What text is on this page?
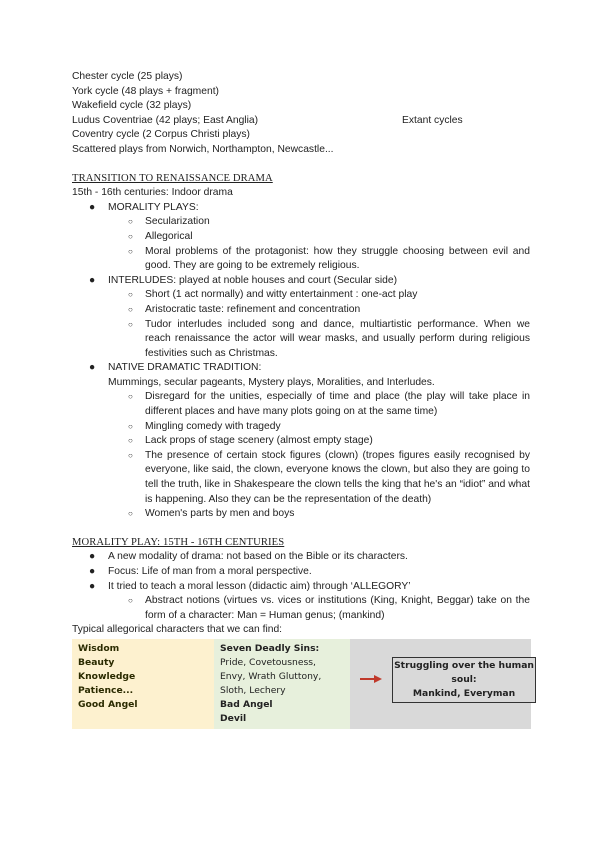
Chester cycle (25 plays)
York cycle (48 plays + fragment)
Wakefield cycle (32 plays)
Ludus Coventriae (42 plays; East Anglia)
Coventry cycle (2 Corpus Christi plays)
Scattered plays from Norwich, Northampton, Newcastle...
Extant cycles
TRANSITION TO RENAISSANCE DRAMA
15th - 16th centuries: Indoor drama
● MORALITY PLAYS:
○ Secularization
○ Allegorical
○ Moral problems of the protagonist: how they struggle choosing between evil and good. They are going to be extremely religious.
● INTERLUDES: played at noble houses and court (Secular side)
○ Short (1 act normally) and witty entertainment : one-act play
○ Aristocratic taste: refinement and concentration
○ Tudor interludes included song and dance, multiartistic performance. When we reach renaissance the actor will wear masks, and usually perform during religious festivities such as Christmas.
● NATIVE DRAMATIC TRADITION:
Mummings, secular pageants, Mystery plays, Moralities, and Interludes.
○ Disregard for the unities, especially of time and place (the play will take place in different places and have many plots going on at the same time)
○ Mingling comedy with tragedy
○ Lack props of stage scenery (almost empty stage)
○ The presence of certain stock figures (clown) (tropes figures easily recognised by everyone, like said, the clown, everyone knows the clown, but also they are going to tell the truth, like in Shakespeare the clown tells the king that he's an “idiot” and what is happening. Also they can be the representation of the death)
○ Women's parts by men and boys
MORALITY PLAY: 15TH - 16TH CENTURIES
● A new modality of drama: not based on the Bible or its characters.
● Focus: Life of man from a moral perspective.
● It tried to teach a moral lesson (didactic aim) through ‘ALLEGORY’
○ Abstract notions (virtues vs. vices or institutions (King, Knight, Beggar) take on the form of a character: Man = Human genus; (mankind)
Typical allegorical characters that we can find:
Wisdom
Beauty
Knowledge
Patience...
Good Angel

Seven Deadly Sins:
Pride, Covetousness,
Envy, Wrath Gluttony,
Sloth, Lechery
Bad Angel
Devil

Struggling over the human
soul:
Mankind, Everyman
